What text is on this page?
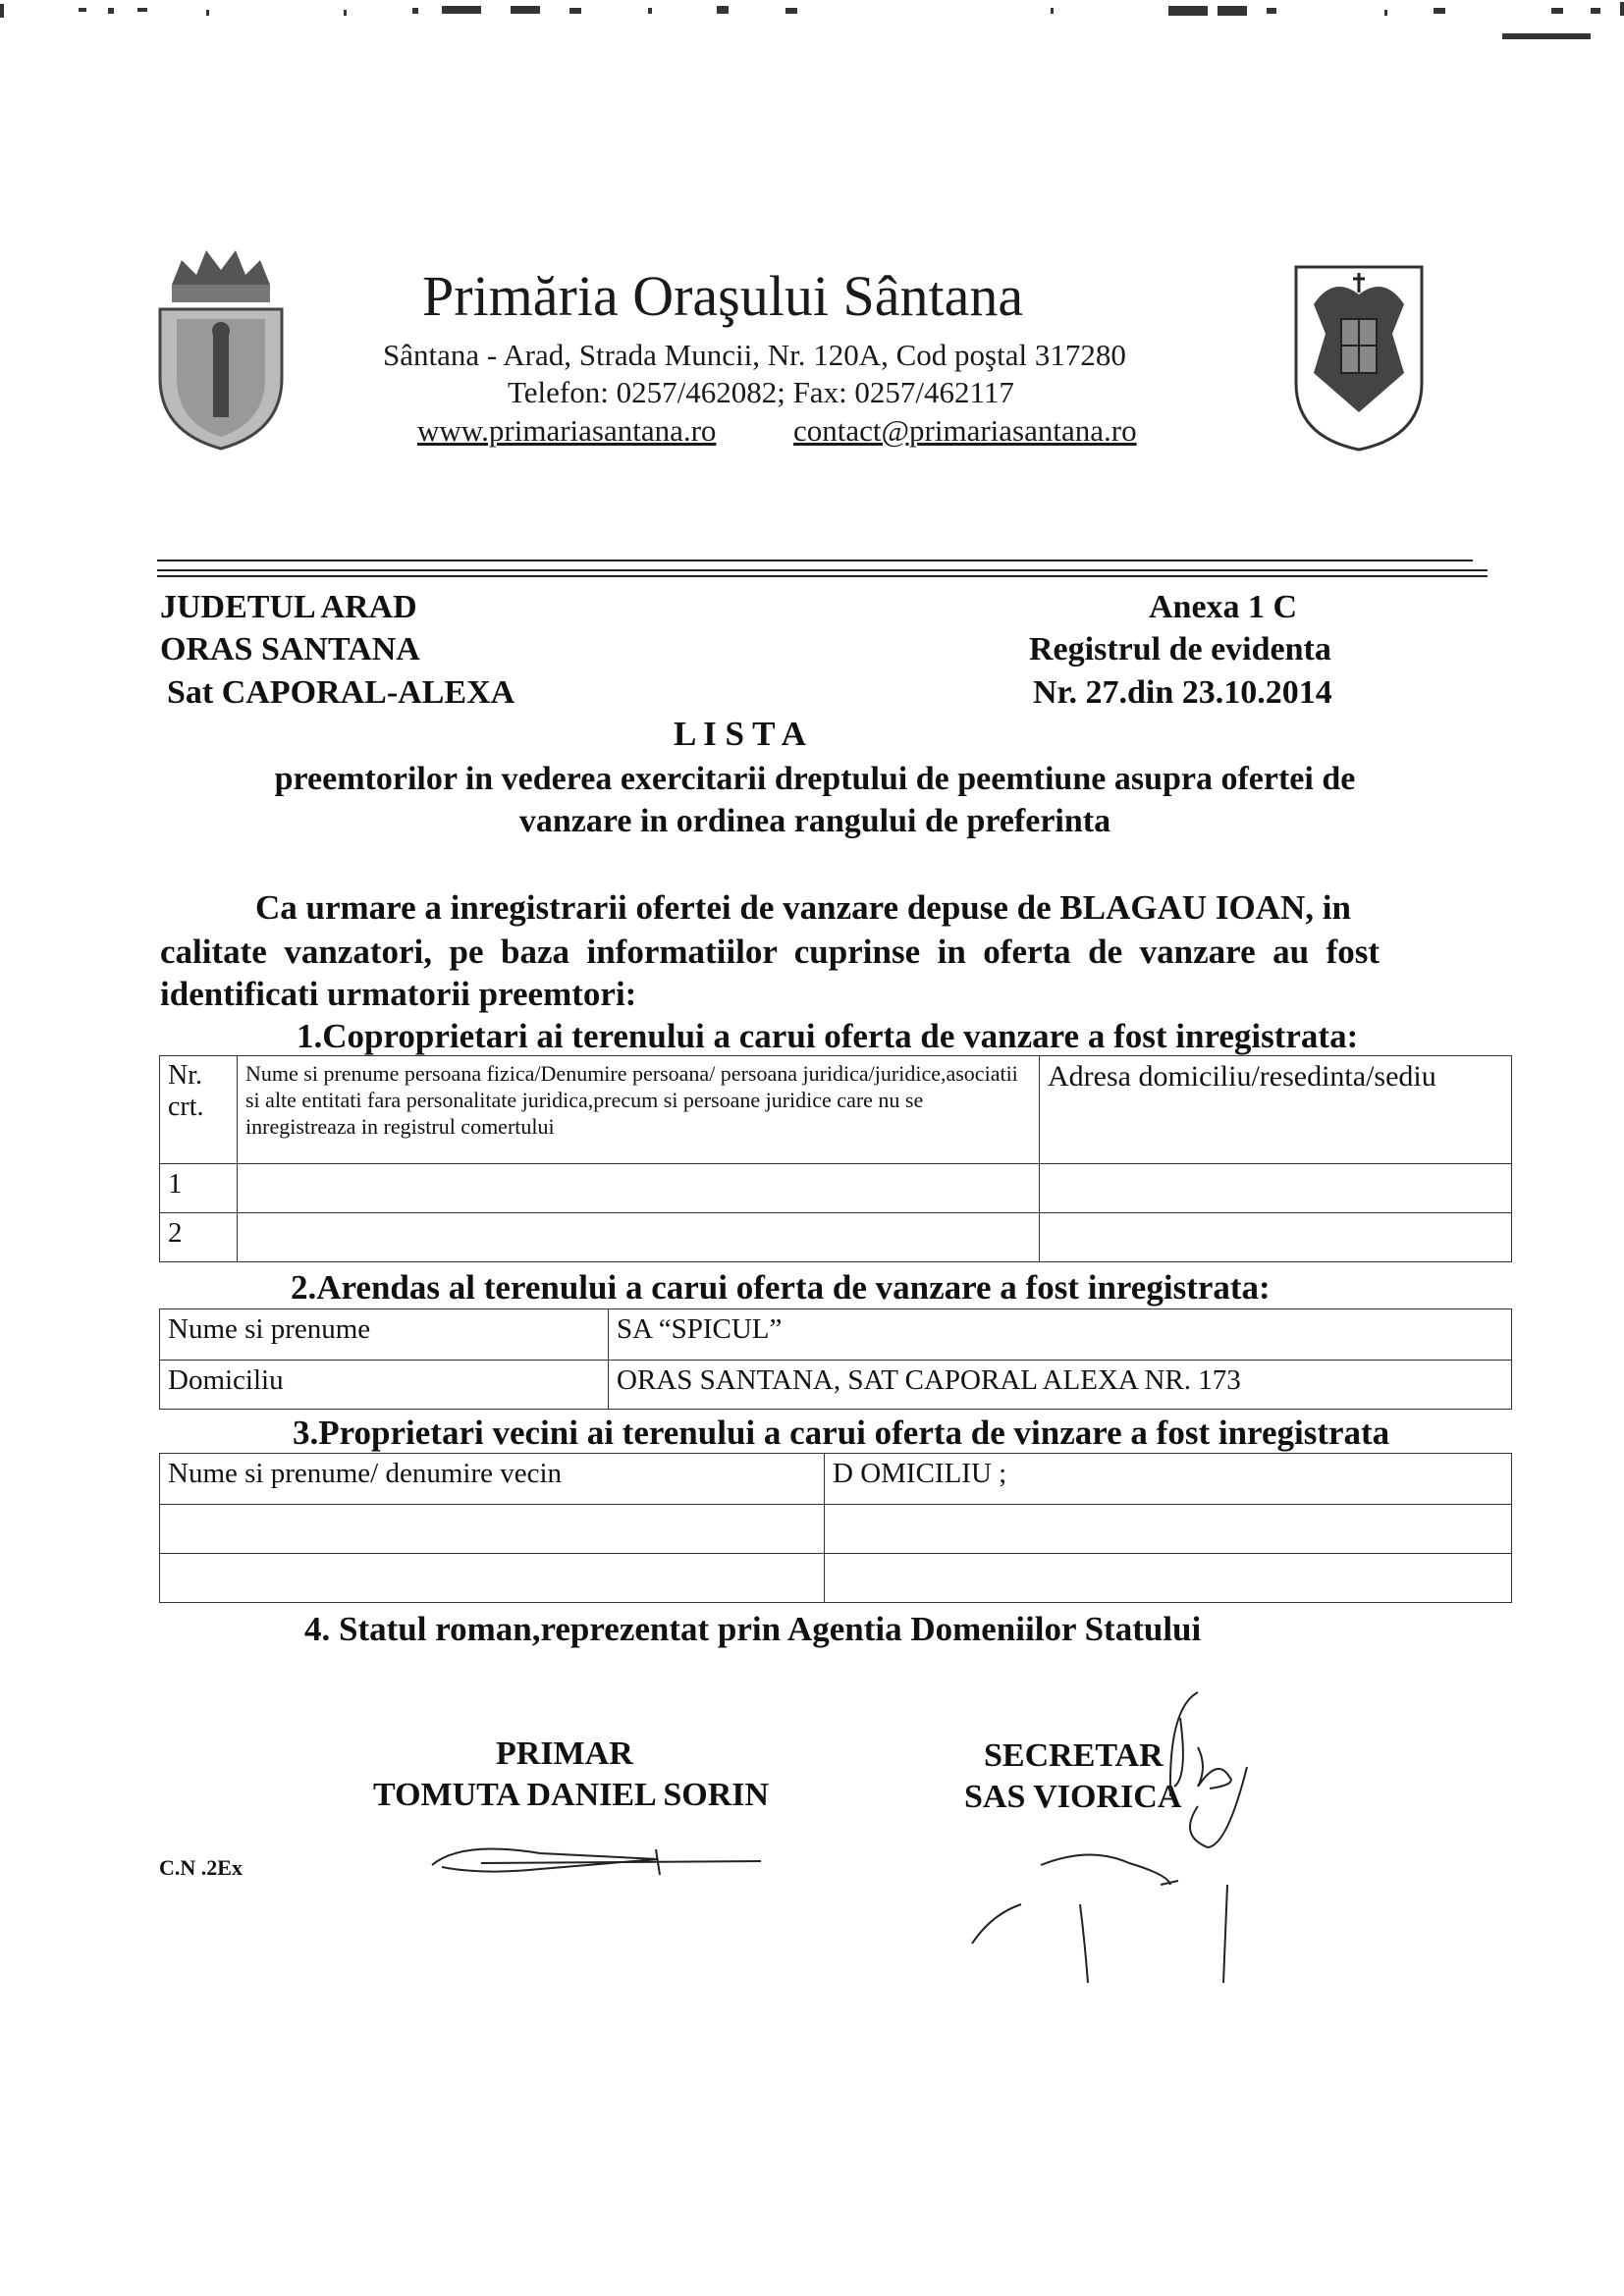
Primăria Oraşului Sântana
Sântana - Arad, Strada Muncii, Nr. 120A, Cod poştal 317280
Telefon: 0257/462082; Fax: 0257/462117
www.primariasantana.ro	contact@primariasantana.ro
JUDETUL ARAD
ORAS SANTANA
Sat CAPORAL-ALEXA
Anexa 1 C
Registrul de evidenta
Nr. 27.din 23.10.2014
L I S T A
preemtorilor in vederea exercitarii dreptului de peemtiune asupra ofertei de
vanzare in ordinea rangului de preferinta
Ca urmare a inregistrarii ofertei de vanzare depuse de BLAGAU IOAN, in
calitate  vanzatori,  pe  baza  informatiilor  cuprinse  in  oferta  de  vanzare  au  fost
identificati urmatorii preemtori:
1.Coproprietari ai terenului a carui oferta de vanzare a fost inregistrata:
Nr. crt.	Nume si prenume persoana fizica/Denumire persoana/ persoana juridica/juridice,asociatii si alte entitati fara personalitate juridica,precum si persoane juridice care nu se inregistreaza in registrul comertului	Adresa domiciliu/resedinta/sediu
1		
2		
2.Arendas al terenului a carui oferta de vanzare a fost inregistrata:
Nume si prenume	SA “SPICUL”
Domiciliu	ORAS SANTANA, SAT CAPORAL ALEXA NR. 173
3.Proprietari vecini ai terenului a carui oferta de vinzare a fost inregistrata
Nume si prenume/ denumire vecin	D OMICILIU ;

4. Statul roman,reprezentat prin Agentia Domeniilor Statului
PRIMAR
TOMUTA DANIEL SORIN
SECRETAR
SAS VIORICA
C.N .2Ex
